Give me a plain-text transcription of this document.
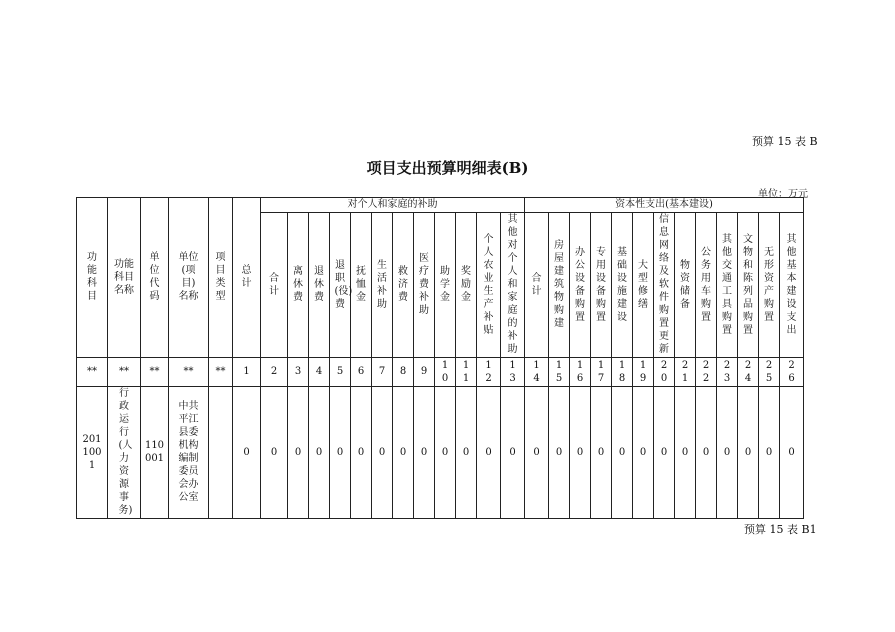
预算 15 表 B
项目支出预算明细表(B)
单位：万元
功能科目	功能科目名称	单位代码	单位(项目)名称	项目类型	总计	对个人和家庭的补助												资本性支出(基本建设)												
						合计	离休费	退休费	退职(役)费	抚恤金	生活补助	救济费	医疗费补助	助学金	奖励金	个人农业生产补贴	其他对个人和家庭的补助	合计	房屋建筑物购建	办公设备购置	专用设备购置	基础设施建设	大型修缮	信息网络及软件购置更新	物资储备	公务用车购置	其他交通工具购置	文物和陈列品购置	无形资产购置	其他基本建设支出
**	**	**	**	**	1	2	3	4	5	6	7	8	9	10	11	12	13	14	15	16	17	18	19	20	21	22	23	24	25	26
2011001	行政运行(人力资源事务)	110001	中共平江县委机构编制委员会办公室		0	0	0	0	0	0	0	0	0	0	0	0	0	0	0	0	0	0	0	0	0	0	0	0	0	0
预算 15 表 B1
